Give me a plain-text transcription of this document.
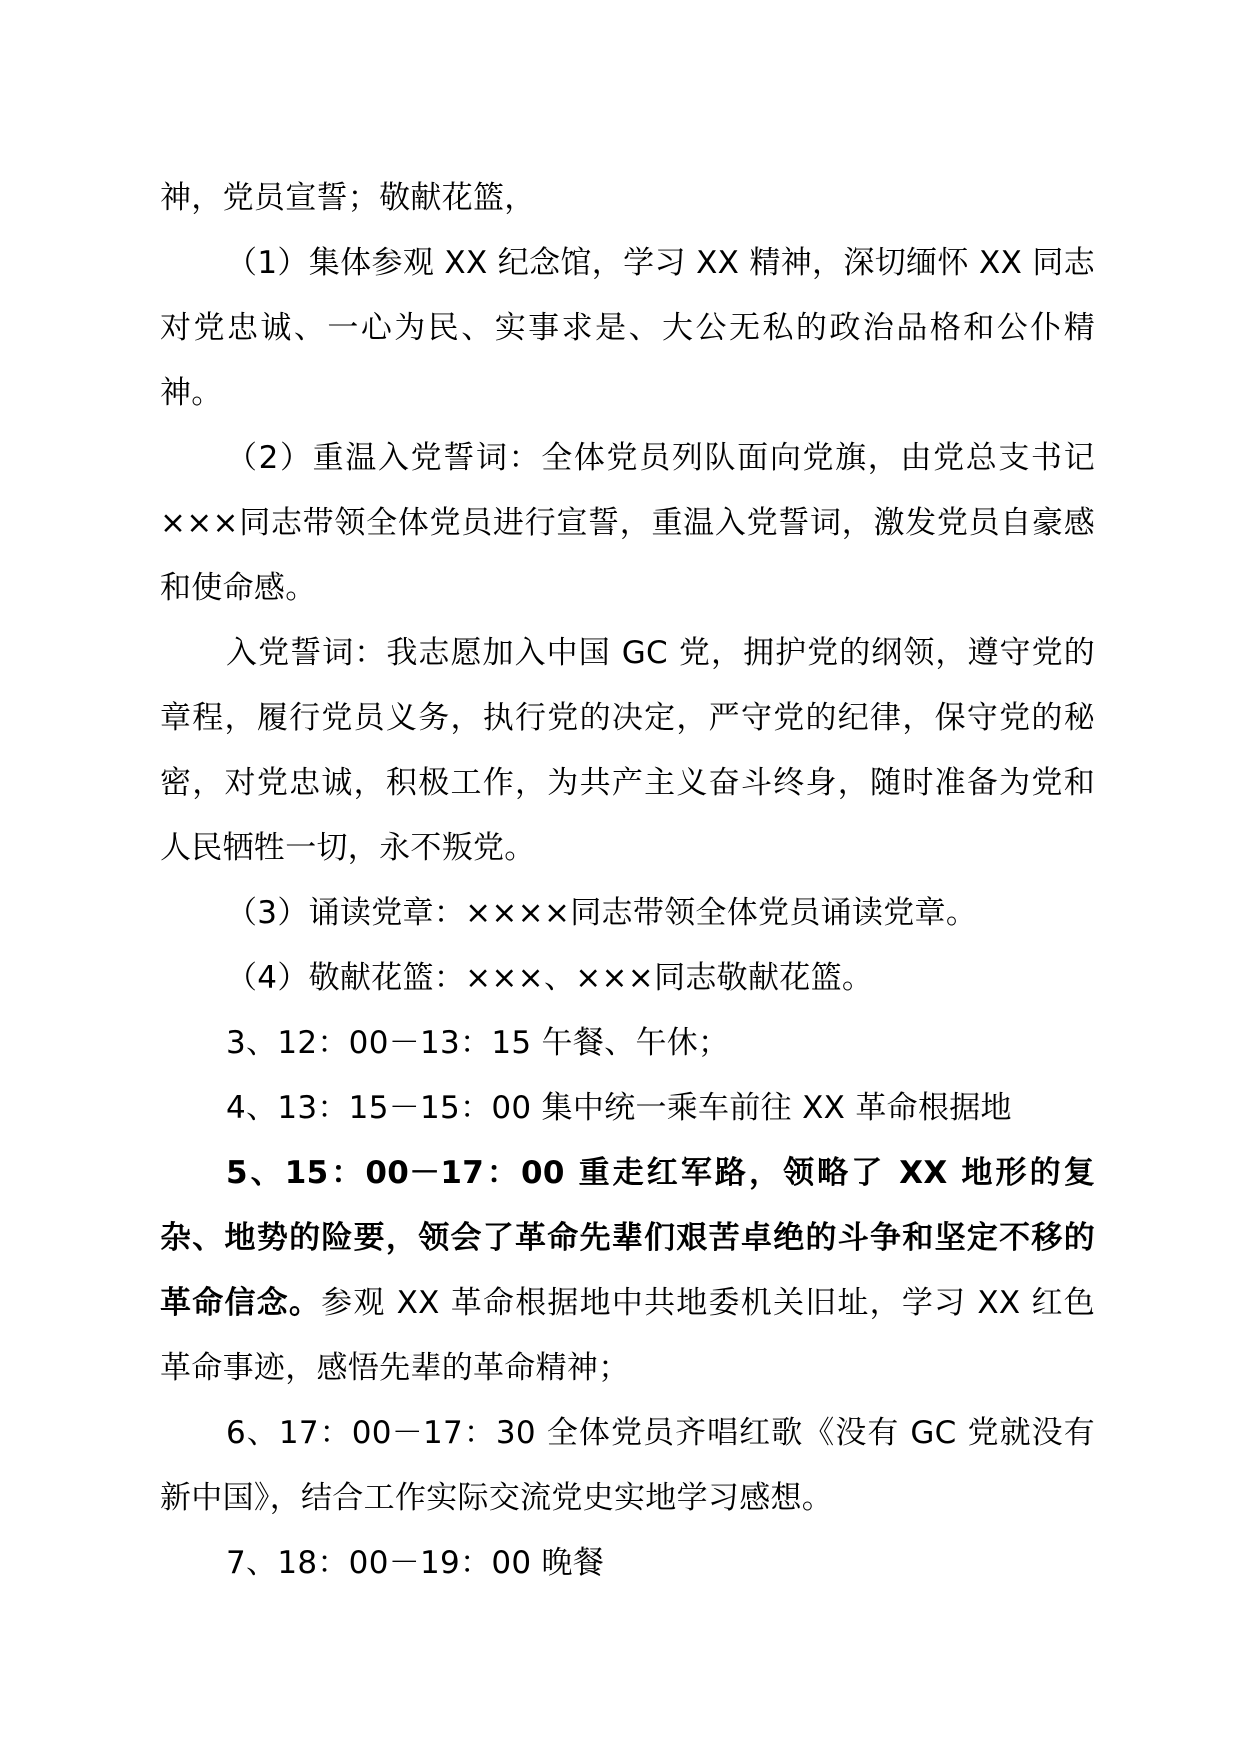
神，党员宣誓；敬献花篮，

（1）集体参观 XX 纪念馆，学习 XX 精神，深切缅怀 XX 同志对党忠诚、一心为民、实事求是、大公无私的政治品格和公仆精神。

（2）重温入党誓词：全体党员列队面向党旗，由党总支书记×××同志带领全体党员进行宣誓，重温入党誓词，激发党员自豪感和使命感。

入党誓词：我志愿加入中国 GC 党，拥护党的纲领，遵守党的章程，履行党员义务，执行党的决定，严守党的纪律，保守党的秘密，对党忠诚，积极工作，为共产主义奋斗终身，随时准备为党和人民牺牲一切，永不叛党。

（3）诵读党章：××××同志带领全体党员诵读党章。

（4）敬献花篮：×××、×××同志敬献花篮。

3、12：00－13：15 午餐、午休；

4、13：15－15：00 集中统一乘车前往 XX 革命根据地

5、15：00－17：00 重走红军路，领略了 XX 地形的复杂、地势的险要，领会了革命先辈们艰苦卓绝的斗争和坚定不移的革命信念。参观 XX 革命根据地中共地委机关旧址，学习 XX 红色革命事迹，感悟先辈的革命精神；

6、17：00－17：30 全体党员齐唱红歌《没有 GC 党就没有新中国》，结合工作实际交流党史实地学习感想。

7、18：00－19：00 晚餐
